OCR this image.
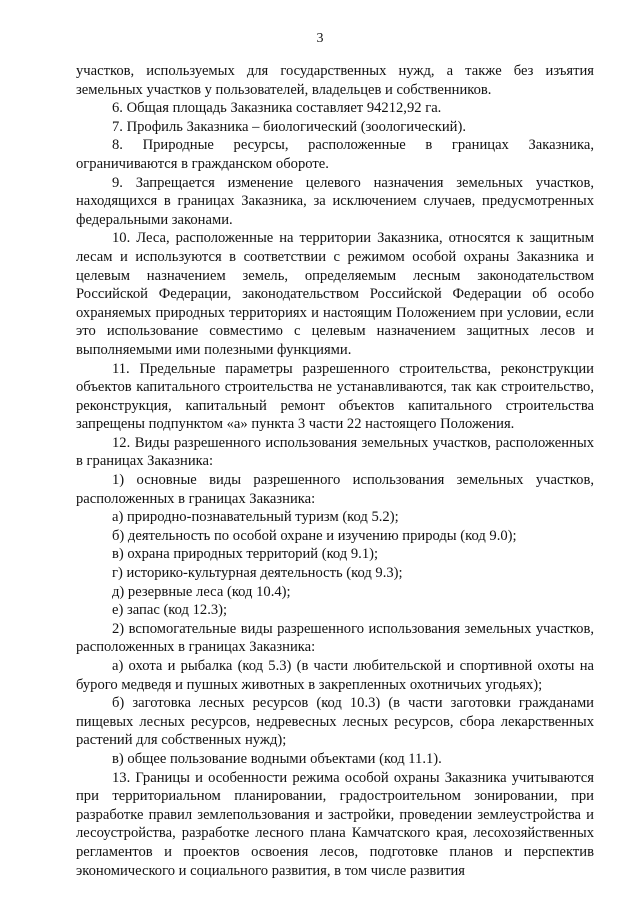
3

участков, используемых для государственных нужд, а также без изъятия земельных участков у пользователей, владельцев и собственников.

6. Общая площадь Заказника составляет 94212,92 га.

7. Профиль Заказника – биологический (зоологический).

8. Природные ресурсы, расположенные в границах Заказника, ограничиваются в гражданском обороте.

9. Запрещается изменение целевого назначения земельных участков, находящихся в границах Заказника, за исключением случаев, предусмотренных федеральными законами.

10. Леса, расположенные на территории Заказника, относятся к защитным лесам и используются в соответствии с режимом особой охраны Заказника и целевым назначением земель, определяемым лесным законодательством Российской Федерации, законодательством Российской Федерации об особо охраняемых природных территориях и настоящим Положением при условии, если это использование совместимо с целевым назначением защитных лесов и выполняемыми ими полезными функциями.

11. Предельные параметры разрешенного строительства, реконструкции объектов капитального строительства не устанавливаются, так как строительство, реконструкция, капитальный ремонт объектов капитального строительства запрещены подпунктом «а» пункта 3 части 22 настоящего Положения.

12. Виды разрешенного использования земельных участков, расположенных в границах Заказника:

1) основные виды разрешенного использования земельных участков, расположенных в границах Заказника:

а) природно-познавательный туризм (код 5.2);

б) деятельность по особой охране и изучению природы (код 9.0);

в) охрана природных территорий (код 9.1);

г) историко-культурная деятельность (код 9.3);

д) резервные леса (код 10.4);

е) запас (код 12.3);

2) вспомогательные виды разрешенного использования земельных участков, расположенных в границах Заказника:

а) охота и рыбалка (код 5.3) (в части любительской и спортивной охоты на бурого медведя и пушных животных в закрепленных охотничьих угодьях);

б) заготовка лесных ресурсов (код 10.3) (в части заготовки гражданами пищевых лесных ресурсов, недревесных лесных ресурсов, сбора лекарственных растений для собственных нужд);

в) общее пользование водными объектами (код 11.1).

13. Границы и особенности режима особой охраны Заказника учитываются при территориальном планировании, градостроительном зонировании, при разработке правил землепользования и застройки, проведении землеустройства и лесоустройства, разработке лесного плана Камчатского края, лесохозяйственных регламентов и проектов освоения лесов, подготовке планов и перспектив экономического и социального развития, в том числе развития
